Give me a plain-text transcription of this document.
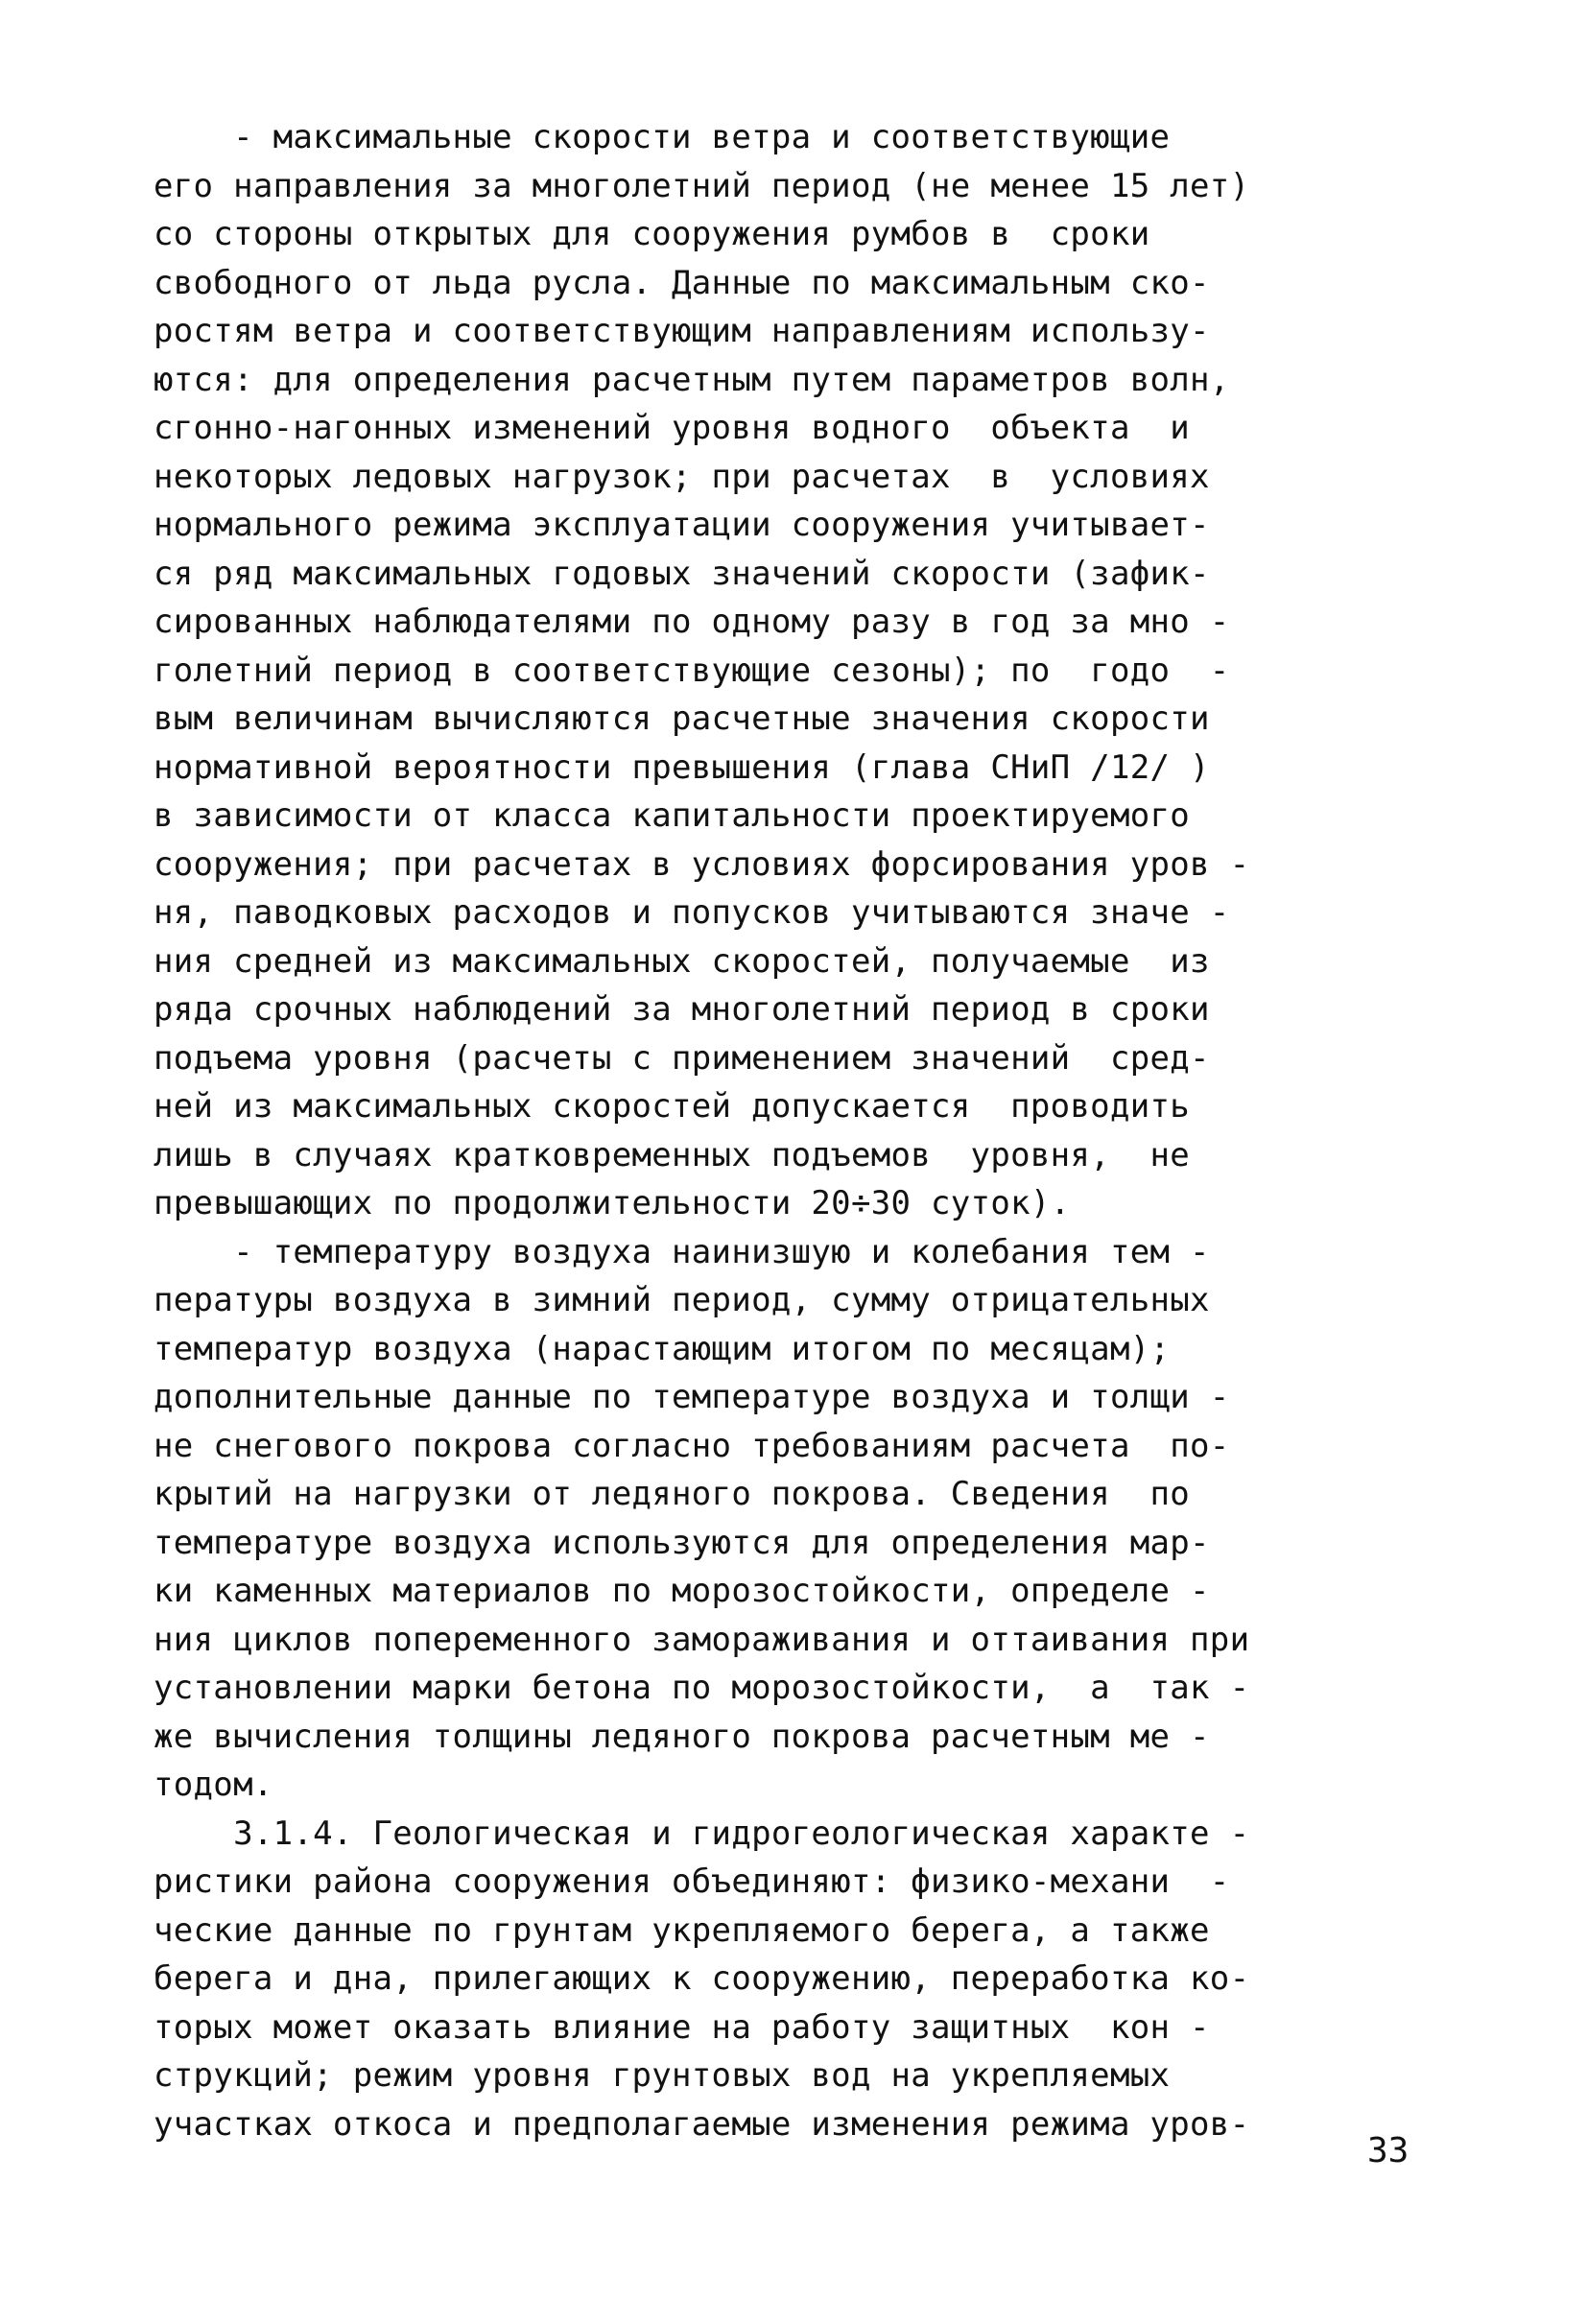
- максимальные скорости ветра и соответствующие
его направления за многолетний период (не менее 15 лет)
со стороны открытых для сооружения румбов в  сроки
свободного от льда русла. Данные по максимальным ско-
ростям ветра и соответствующим направлениям использу-
ются: для определения расчетным путем параметров волн,
сгонно-нагонных изменений уровня водного  объекта  и
некоторых ледовых нагрузок; при расчетах  в  условиях
нормального режима эксплуатации сооружения учитывает-
ся ряд максимальных годовых значений скорости (зафик-
сированных наблюдателями по одному разу в год за мно -
голетний период в соответствующие сезоны); по  годо  -
вым величинам вычисляются расчетные значения скорости
нормативной вероятности превышения (глава СНиП /12/ )
в зависимости от класса капитальности проектируемого
сооружения; при расчетах в условиях форсирования уров -
ня, паводковых расходов и попусков учитываются значе -
ния средней из максимальных скоростей, получаемые  из
ряда срочных наблюдений за многолетний период в сроки
подъема уровня (расчеты с применением значений  сред-
ней из максимальных скоростей допускается  проводить
лишь в случаях кратковременных подъемов  уровня,  не
превышающих по продолжительности 20÷30 суток).
- температуру воздуха наинизшую и колебания тем -
пературы воздуха в зимний период, сумму отрицательных
температур воздуха (нарастающим итогом по месяцам);
дополнительные данные по температуре воздуха и толщи -
не снегового покрова согласно требованиям расчета  по-
крытий на нагрузки от ледяного покрова. Сведения  по
температуре воздуха используются для определения мар-
ки каменных материалов по морозостойкости, определе -
ния циклов попеременного замораживания и оттаивания при
установлении марки бетона по морозостойкости,  а  так -
же вычисления толщины ледяного покрова расчетным ме -
тодом.
3.1.4. Геологическая и гидрогеологическая характе -
ристики района сооружения объединяют: физико-механи  -
ческие данные по грунтам укрепляемого берега, а также
берега и дна, прилегающих к сооружению, переработка ко-
торых может оказать влияние на работу защитных  кон -
струкций; режим уровня грунтовых вод на укрепляемых
участках откоса и предполагаемые изменения режима уров-
33
